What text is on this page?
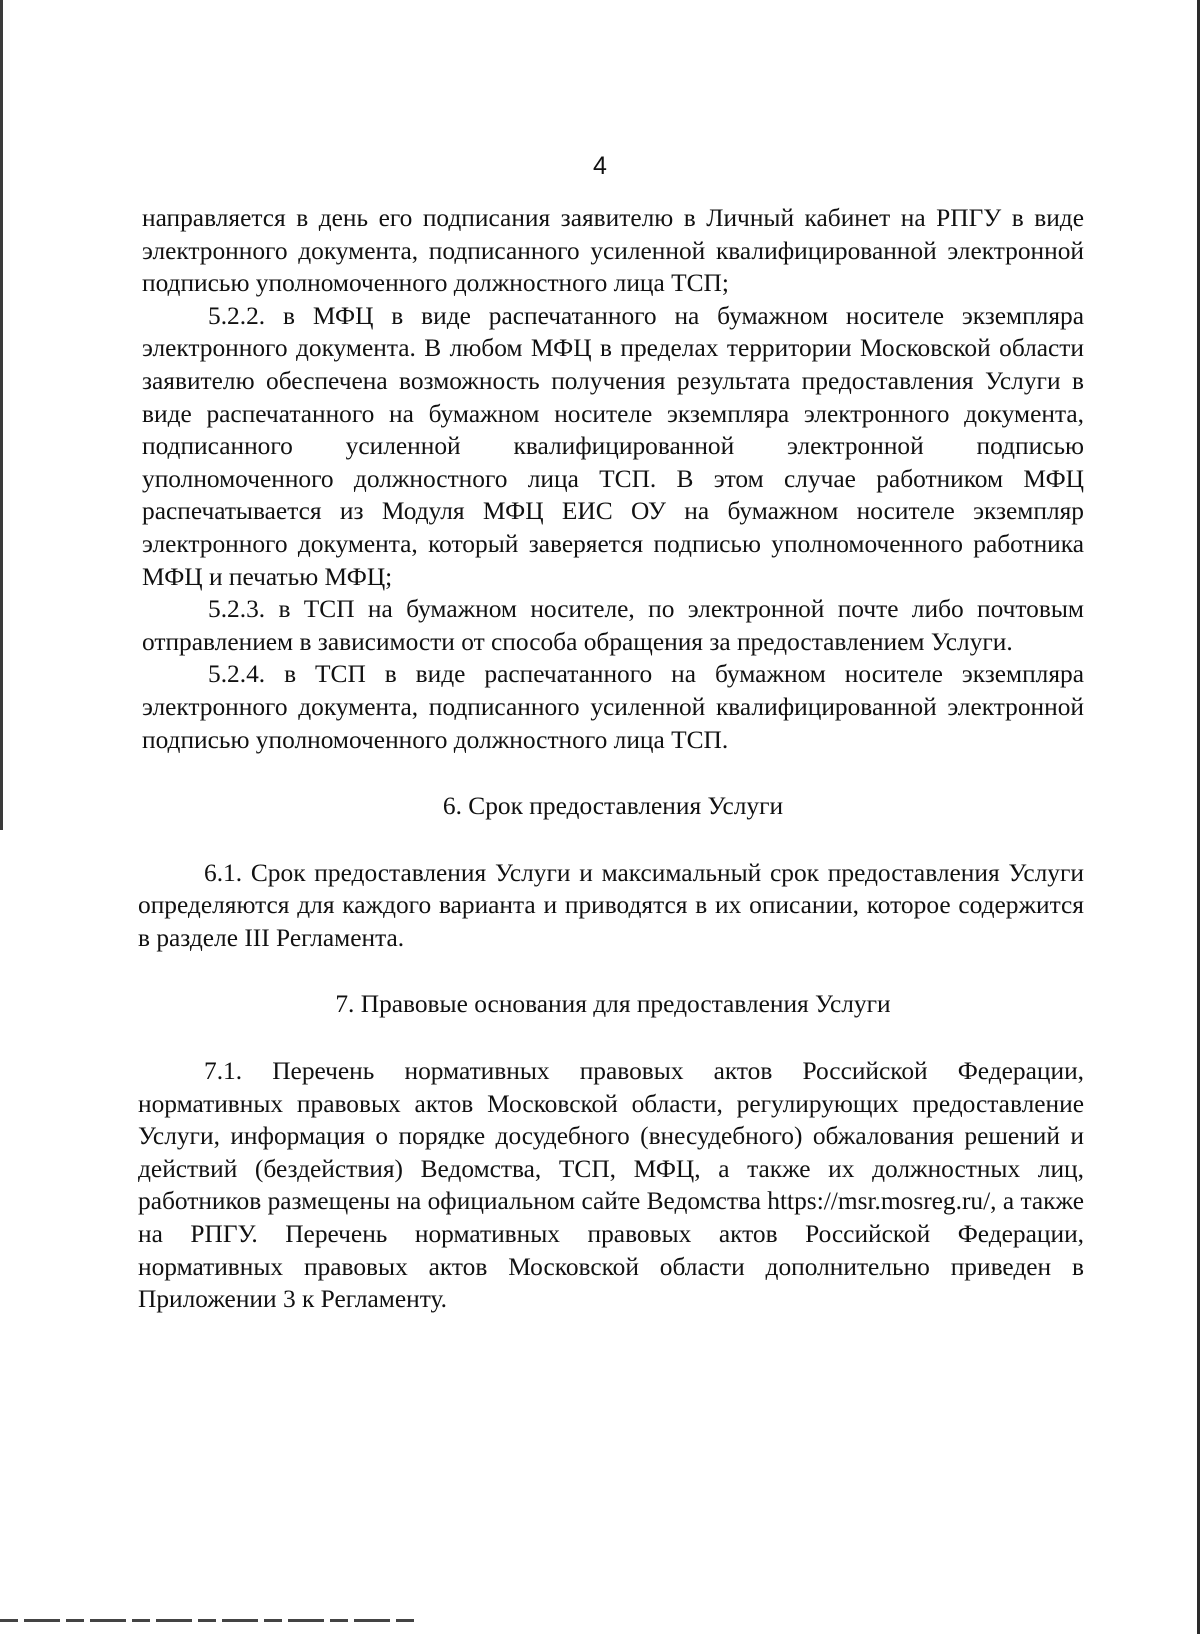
4

направляется в день его подписания заявителю в Личный кабинет на РПГУ в виде электронного документа, подписанного усиленной квалифицированной электронной подписью уполномоченного должностного лица ТСП;

5.2.2. в МФЦ в виде распечатанного на бумажном носителе экземпляра электронного документа. В любом МФЦ в пределах территории Московской области заявителю обеспечена возможность получения результата предоставления Услуги в виде распечатанного на бумажном носителе экземпляра электронного документа, подписанного усиленной квалифицированной электронной подписью уполномоченного должностного лица ТСП. В этом случае работником МФЦ распечатывается из Модуля МФЦ ЕИС ОУ на бумажном носителе экземпляр электронного документа, который заверяется подписью уполномоченного работника МФЦ и печатью МФЦ;

5.2.3. в ТСП на бумажном носителе, по электронной почте либо почтовым отправлением в зависимости от способа обращения за предоставлением Услуги.

5.2.4. в ТСП в виде распечатанного на бумажном носителе экземпляра электронного документа, подписанного усиленной квалифицированной электронной подписью уполномоченного должностного лица ТСП.

6. Срок предоставления Услуги

6.1. Срок предоставления Услуги и максимальный срок предоставления Услуги определяются для каждого варианта и приводятся в их описании, которое содержится в разделе III Регламента.

7. Правовые основания для предоставления Услуги

7.1. Перечень нормативных правовых актов Российской Федерации, нормативных правовых актов Московской области, регулирующих предоставление Услуги, информация о порядке досудебного (внесудебного) обжалования решений и действий (бездействия) Ведомства, ТСП, МФЦ, а также их должностных лиц, работников размещены на официальном сайте Ведомства https://msr.mosreg.ru/, а также на РПГУ. Перечень нормативных правовых актов Российской Федерации, нормативных правовых актов Московской области дополнительно приведен в Приложении 3 к Регламенту.
